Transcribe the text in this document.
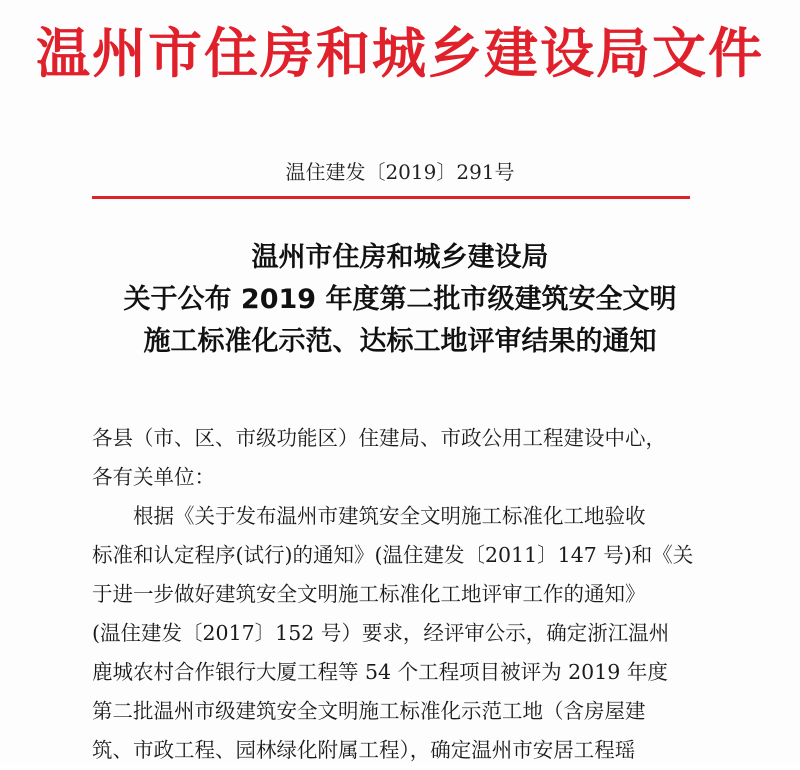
温州市住房和城乡建设局文件
温住建发〔2019〕291号
温州市住房和城乡建设局
关于公布 2019 年度第二批市级建筑安全文明
施工标准化示范、达标工地评审结果的通知
各县（市、区、市级功能区）住建局、市政公用工程建设中心，
各有关单位：
根据《关于发布温州市建筑安全文明施工标准化工地验收
标准和认定程序(试行)的通知》(温住建发〔2011〕147 号)和《关
于进一步做好建筑安全文明施工标准化工地评审工作的通知》
(温住建发〔2017〕152 号）要求，经评审公示，确定浙江温州
鹿城农村合作银行大厦工程等 54 个工程项目被评为 2019 年度
第二批温州市级建筑安全文明施工标准化示范工地（含房屋建
筑、市政工程、园林绿化附属工程），确定温州市安居工程瑶
